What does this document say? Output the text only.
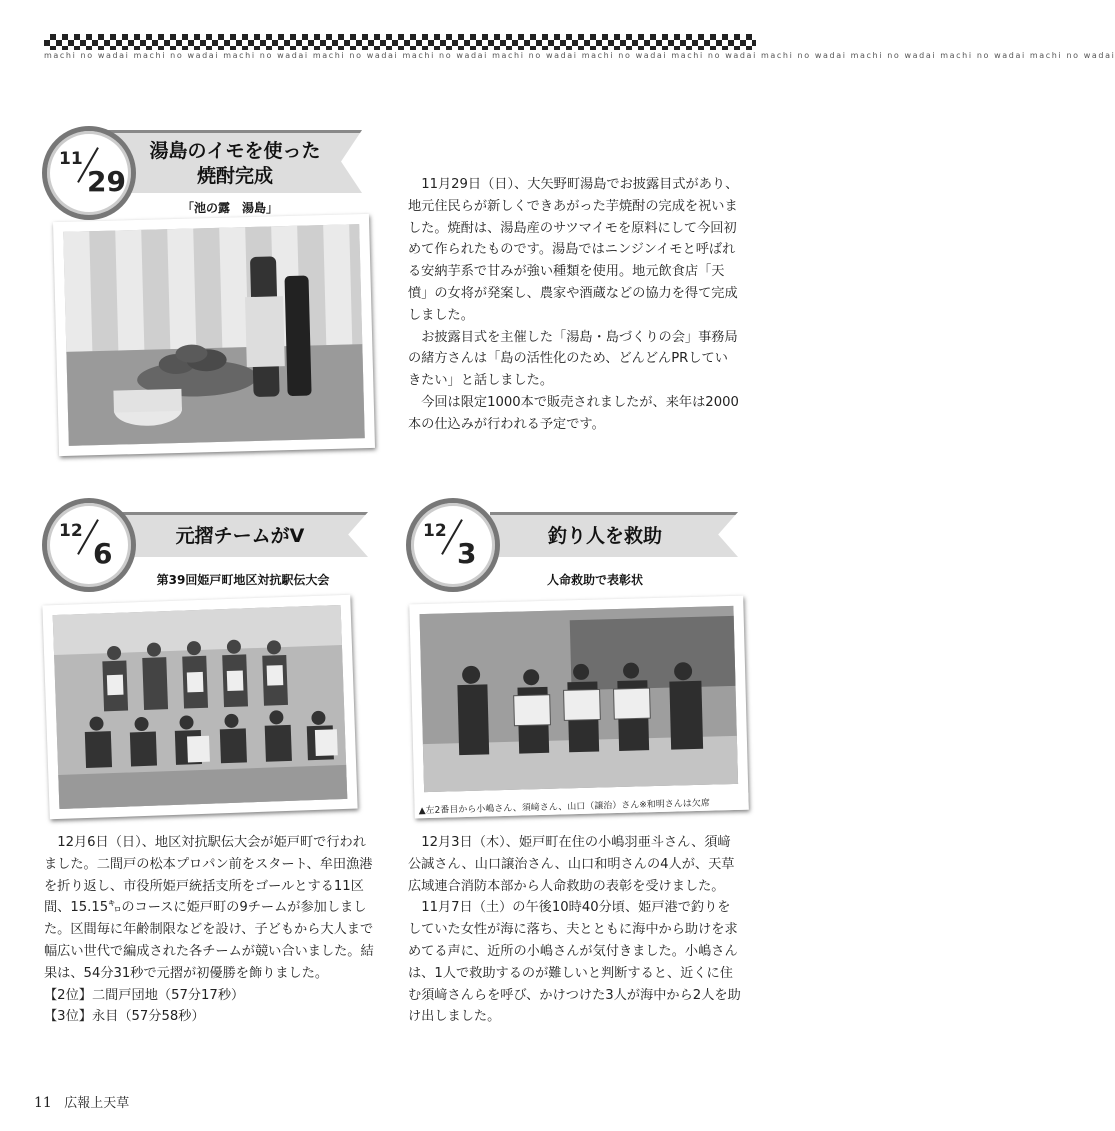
machi no wadai machi no wadai machi no wadai machi no wadai machi no wadai machi no wadai machi no wadai machi no wadai machi no wadai machi no wadai machi no wadai machi no wadai
湯島のイモを使った
焼酎完成
11
29
「池の露　湯島」

11月29日（日）、大矢野町湯島でお披露目式があり、地元住民らが新しくできあがった芋焼酎の完成を祝いました。焼酎は、湯島産のサツマイモを原料にして今回初めて作られたものです。湯島ではニンジンイモと呼ばれる安納芋系で甘みが強い種類を使用。地元飲食店「天憤」の女将が発案し、農家や酒蔵などの協力を得て完成しました。

お披露目式を主催した「湯島・島づくりの会」事務局の緒方さんは「島の活性化のため、どんどんPRしていきたい」と話しました。

今回は限定1000本で販売されましたが、来年は2000本の仕込みが行われる予定です。

元摺チームがV
12
6
第39回姫戸町地区対抗駅伝大会

12月6日（日）、地区対抗駅伝大会が姫戸町で行われました。二間戸の松本プロパン前をスタート、牟田漁港を折り返し、市役所姫戸統括支所をゴールとする11区間、15.15㌔のコースに姫戸町の9チームが参加しました。区間毎に年齢制限などを設け、子どもから大人まで幅広い世代で編成された各チームが競い合いました。結果は、54分31秒で元摺が初優勝を飾りました。

【2位】二間戸団地（57分17秒）

【3位】永目（57分58秒）

釣り人を救助
12
3
人命救助で表彰状
▲左2番目から小嶋さん、須﨑さん、山口（譲治）さん※和明さんは欠席

12月3日（木）、姫戸町在住の小嶋羽亜斗さん、須﨑公誠さん、山口譲治さん、山口和明さんの4人が、天草広域連合消防本部から人命救助の表彰を受けました。

11月7日（土）の午後10時40分頃、姫戸港で釣りをしていた女性が海に落ち、夫とともに海中から助けを求めてる声に、近所の小嶋さんが気付きました。小嶋さんは、1人で救助するのが難しいと判断すると、近くに住む須﨑さんらを呼び、かけつけた3人が海中から2人を助け出しました。

11 広報上天草
